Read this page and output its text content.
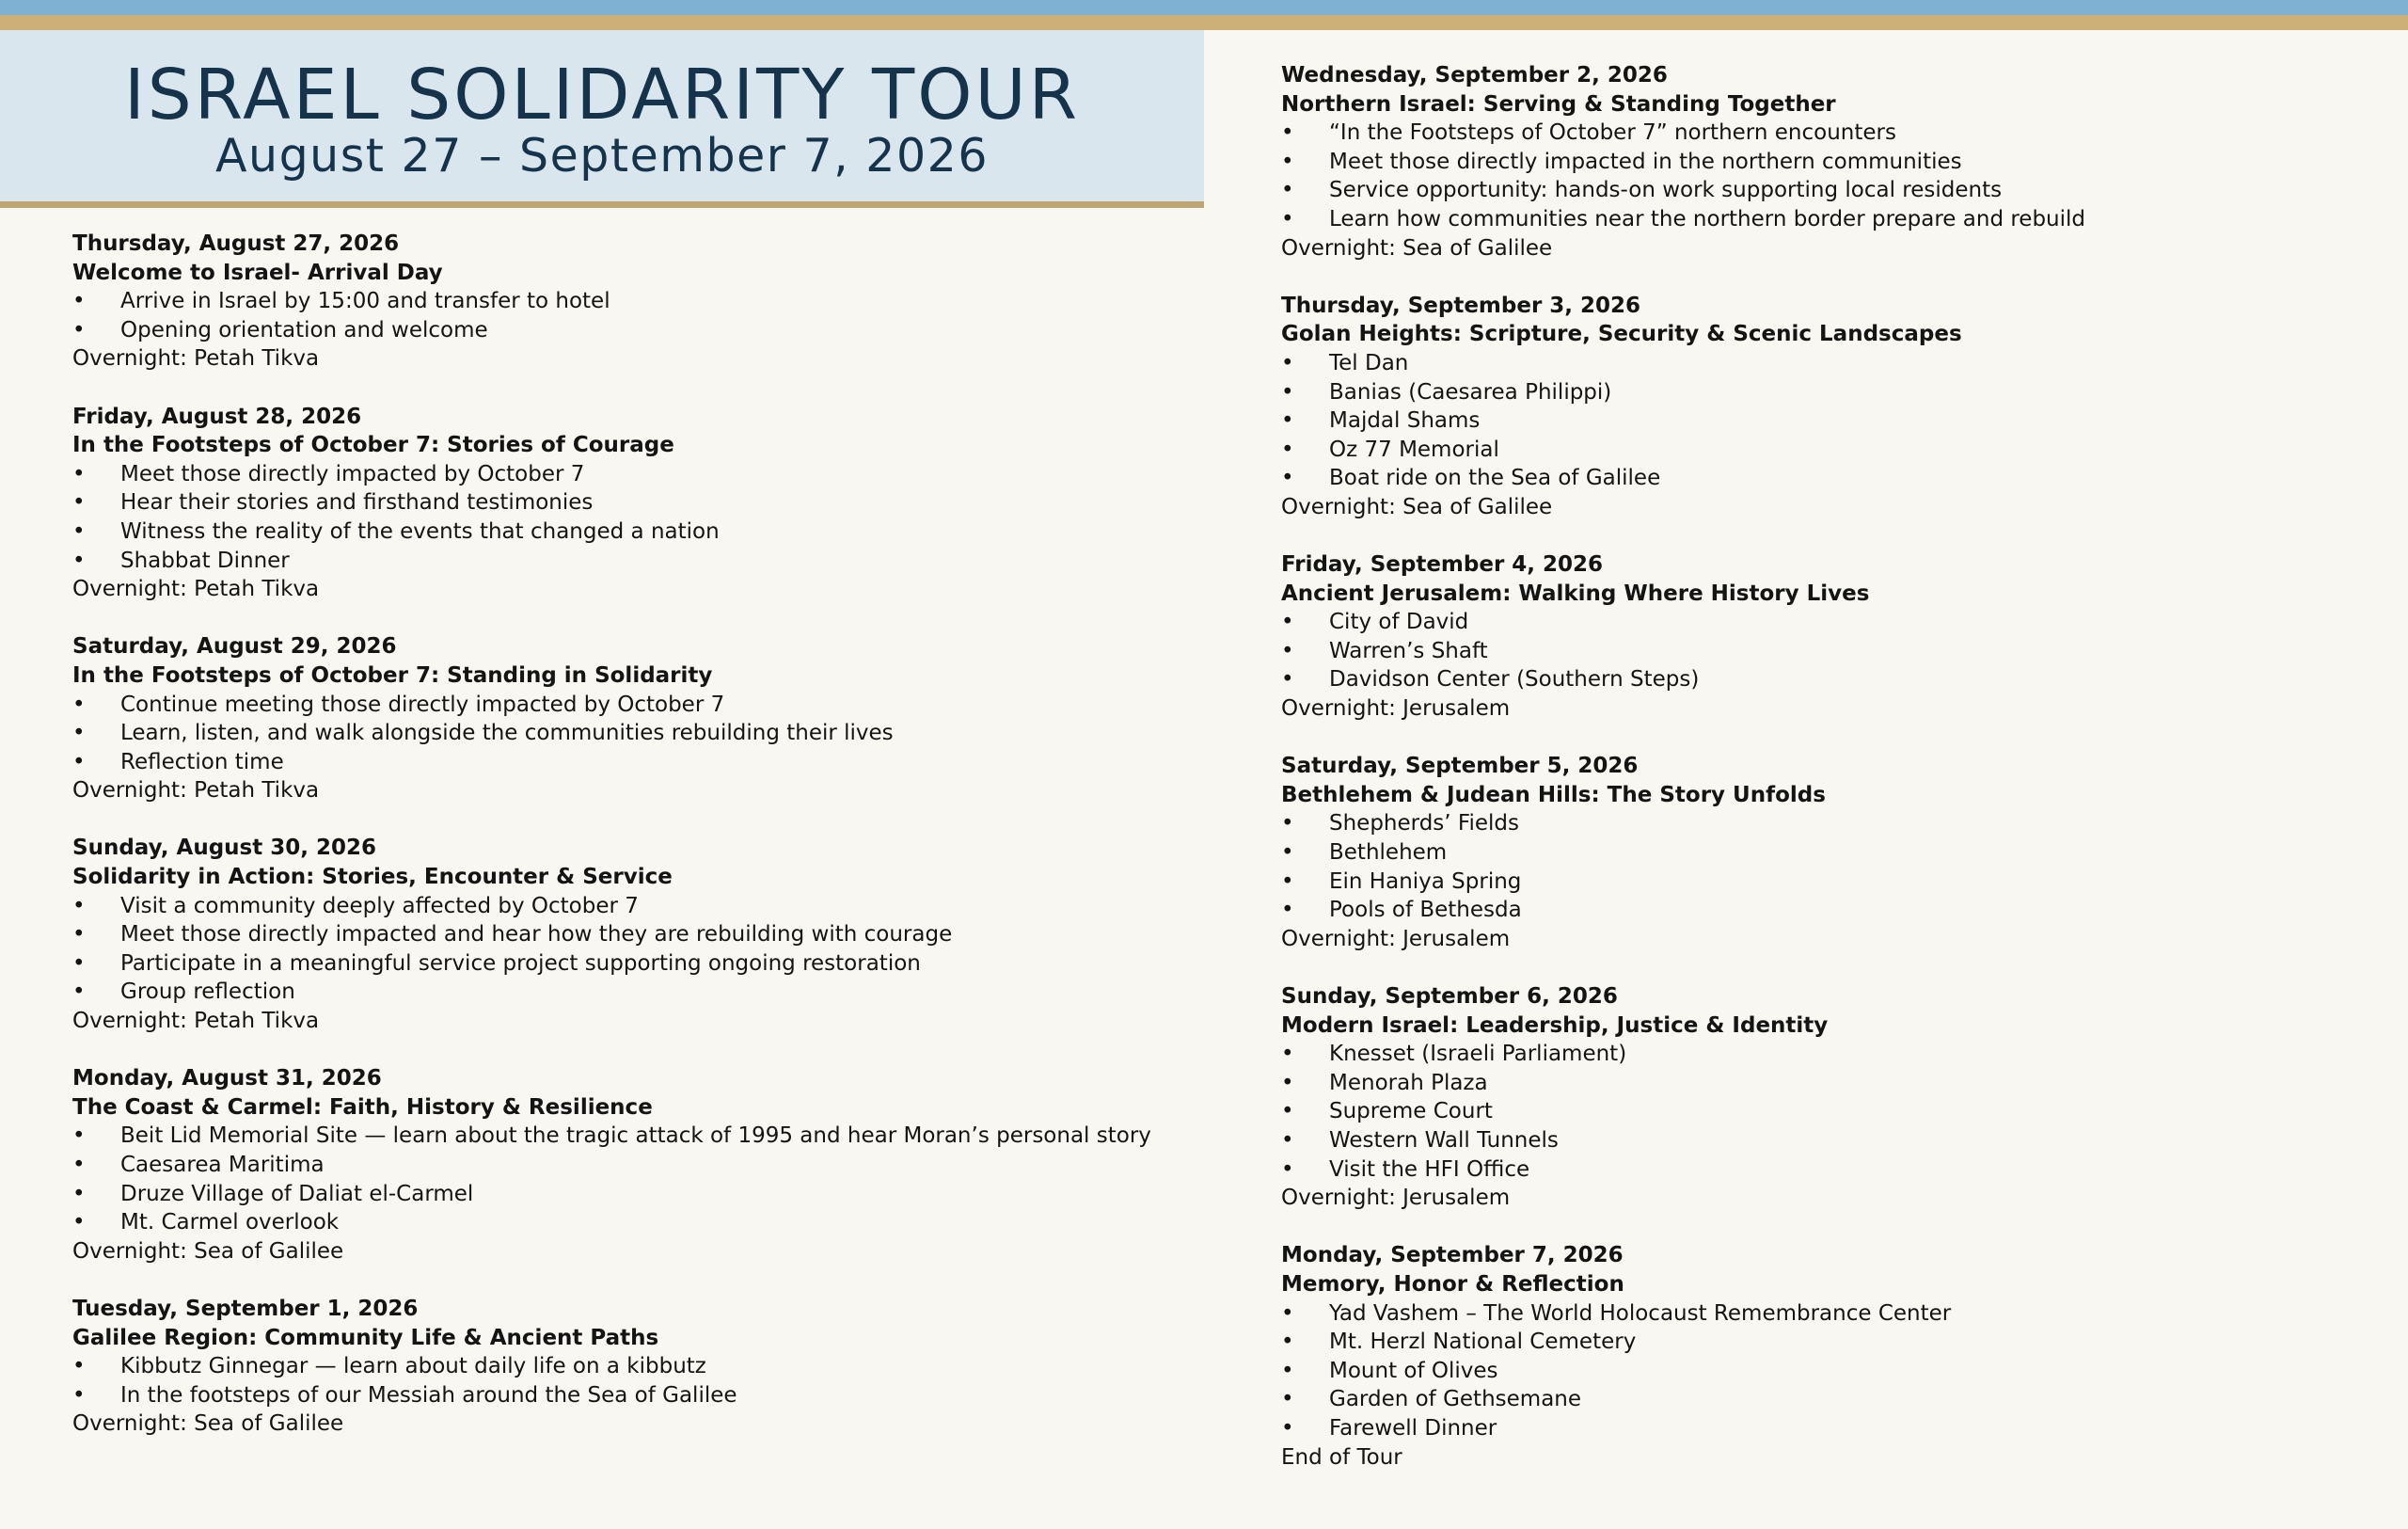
ISRAEL SOLIDARITY TOUR
August 27 – September 7, 2026
Thursday, August 27, 2026
Welcome to Israel- Arrival Day
• Arrive in Israel by 15:00 and transfer to hotel
• Opening orientation and welcome
Overnight: Petah Tikva
Friday, August 28, 2026
In the Footsteps of October 7: Stories of Courage
• Meet those directly impacted by October 7
• Hear their stories and firsthand testimonies
• Witness the reality of the events that changed a nation
• Shabbat Dinner
Overnight: Petah Tikva
Saturday, August 29, 2026
In the Footsteps of October 7: Standing in Solidarity
• Continue meeting those directly impacted by October 7
• Learn, listen, and walk alongside the communities rebuilding their lives
• Reflection time
Overnight: Petah Tikva
Sunday, August 30, 2026
Solidarity in Action: Stories, Encounter & Service
• Visit a community deeply affected by October 7
• Meet those directly impacted and hear how they are rebuilding with courage
• Participate in a meaningful service project supporting ongoing restoration
• Group reflection
Overnight: Petah Tikva
Monday, August 31, 2026
The Coast & Carmel: Faith, History & Resilience
• Beit Lid Memorial Site — learn about the tragic attack of 1995 and hear Moran’s personal story
• Caesarea Maritima
• Druze Village of Daliat el-Carmel
• Mt. Carmel overlook
Overnight: Sea of Galilee
Tuesday, September 1, 2026
Galilee Region: Community Life & Ancient Paths
• Kibbutz Ginnegar — learn about daily life on a kibbutz
• In the footsteps of our Messiah around the Sea of Galilee
Overnight: Sea of Galilee
Wednesday, September 2, 2026
Northern Israel: Serving & Standing Together
• “In the Footsteps of October 7” northern encounters
• Meet those directly impacted in the northern communities
• Service opportunity: hands-on work supporting local residents
• Learn how communities near the northern border prepare and rebuild
Overnight: Sea of Galilee
Thursday, September 3, 2026
Golan Heights: Scripture, Security & Scenic Landscapes
• Tel Dan
• Banias (Caesarea Philippi)
• Majdal Shams
• Oz 77 Memorial
• Boat ride on the Sea of Galilee
Overnight: Sea of Galilee
Friday, September 4, 2026
Ancient Jerusalem: Walking Where History Lives
• City of David
• Warren’s Shaft
• Davidson Center (Southern Steps)
Overnight: Jerusalem
Saturday, September 5, 2026
Bethlehem & Judean Hills: The Story Unfolds
• Shepherds’ Fields
• Bethlehem
• Ein Haniya Spring
• Pools of Bethesda
Overnight: Jerusalem
Sunday, September 6, 2026
Modern Israel: Leadership, Justice & Identity
• Knesset (Israeli Parliament)
• Menorah Plaza
• Supreme Court
• Western Wall Tunnels
• Visit the HFI Office
Overnight: Jerusalem
Monday, September 7, 2026
Memory, Honor & Reflection
• Yad Vashem – The World Holocaust Remembrance Center
• Mt. Herzl National Cemetery
• Mount of Olives
• Garden of Gethsemane
• Farewell Dinner
End of Tour
